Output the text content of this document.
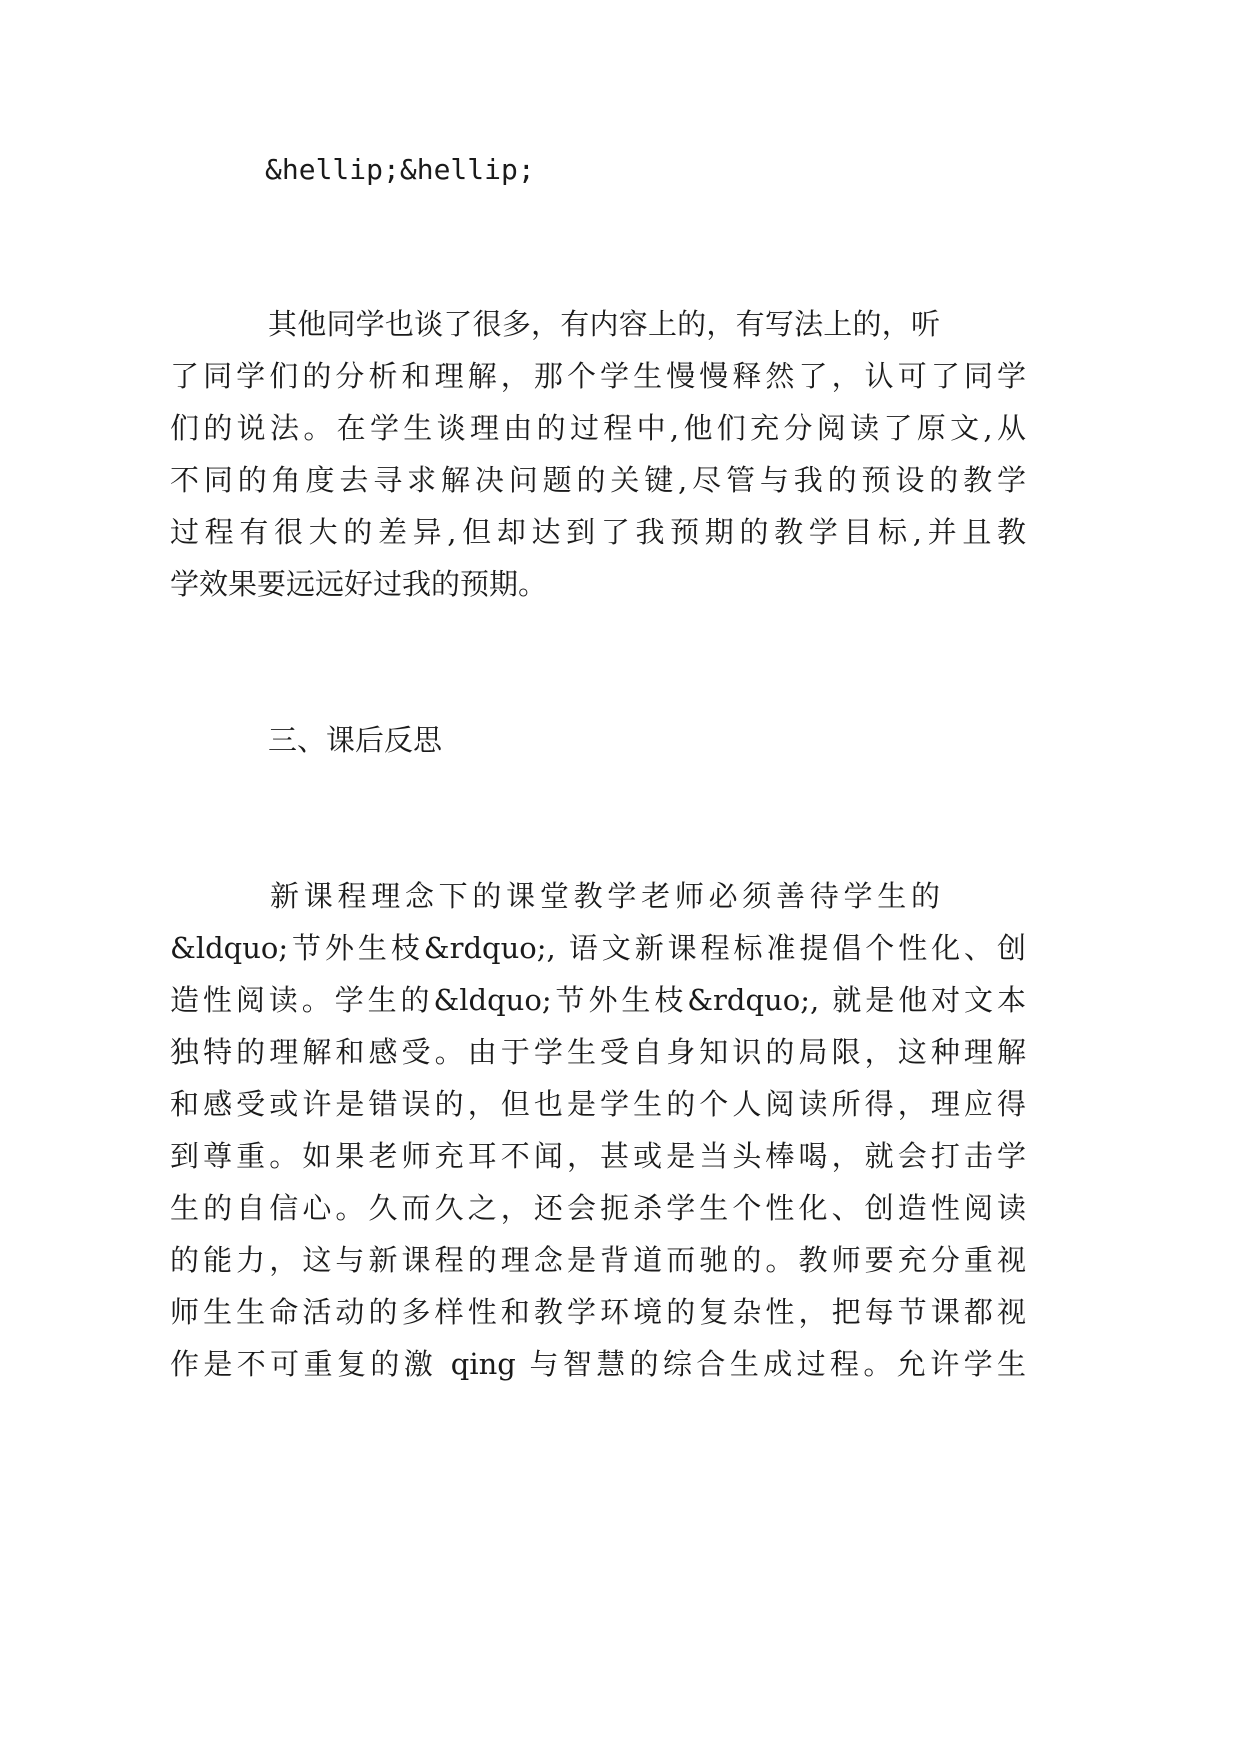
&hellip;&hellip;
其他同学也谈了很多，有内容上的，有写法上的，听
了同学们的分析和理解，那个学生慢慢释然了，认可了同学
们的说法。在学生谈理由的过程中,他们充分阅读了原文,从
不同的角度去寻求解决问题的关键,尽管与我的预设的教学
过程有很大的差异,但却达到了我预期的教学目标,并且教
学效果要远远好过我的预期。
三、课后反思
新课程理念下的课堂教学老师必须善待学生的
&ldquo;节外生枝&rdquo;, 语文新课程标准提倡个性化、创
造性阅读。学生的&ldquo;节外生枝&rdquo;, 就是他对文本
独特的理解和感受。由于学生受自身知识的局限，这种理解
和感受或许是错误的，但也是学生的个人阅读所得，理应得
到尊重。如果老师充耳不闻，甚或是当头棒喝，就会打击学
生的自信心。久而久之，还会扼杀学生个性化、创造性阅读
的能力，这与新课程的理念是背道而驰的。教师要充分重视
师生生命活动的多样性和教学环境的复杂性，把每节课都视
作是不可重复的激 qing 与智慧的综合生成过程。允许学生
